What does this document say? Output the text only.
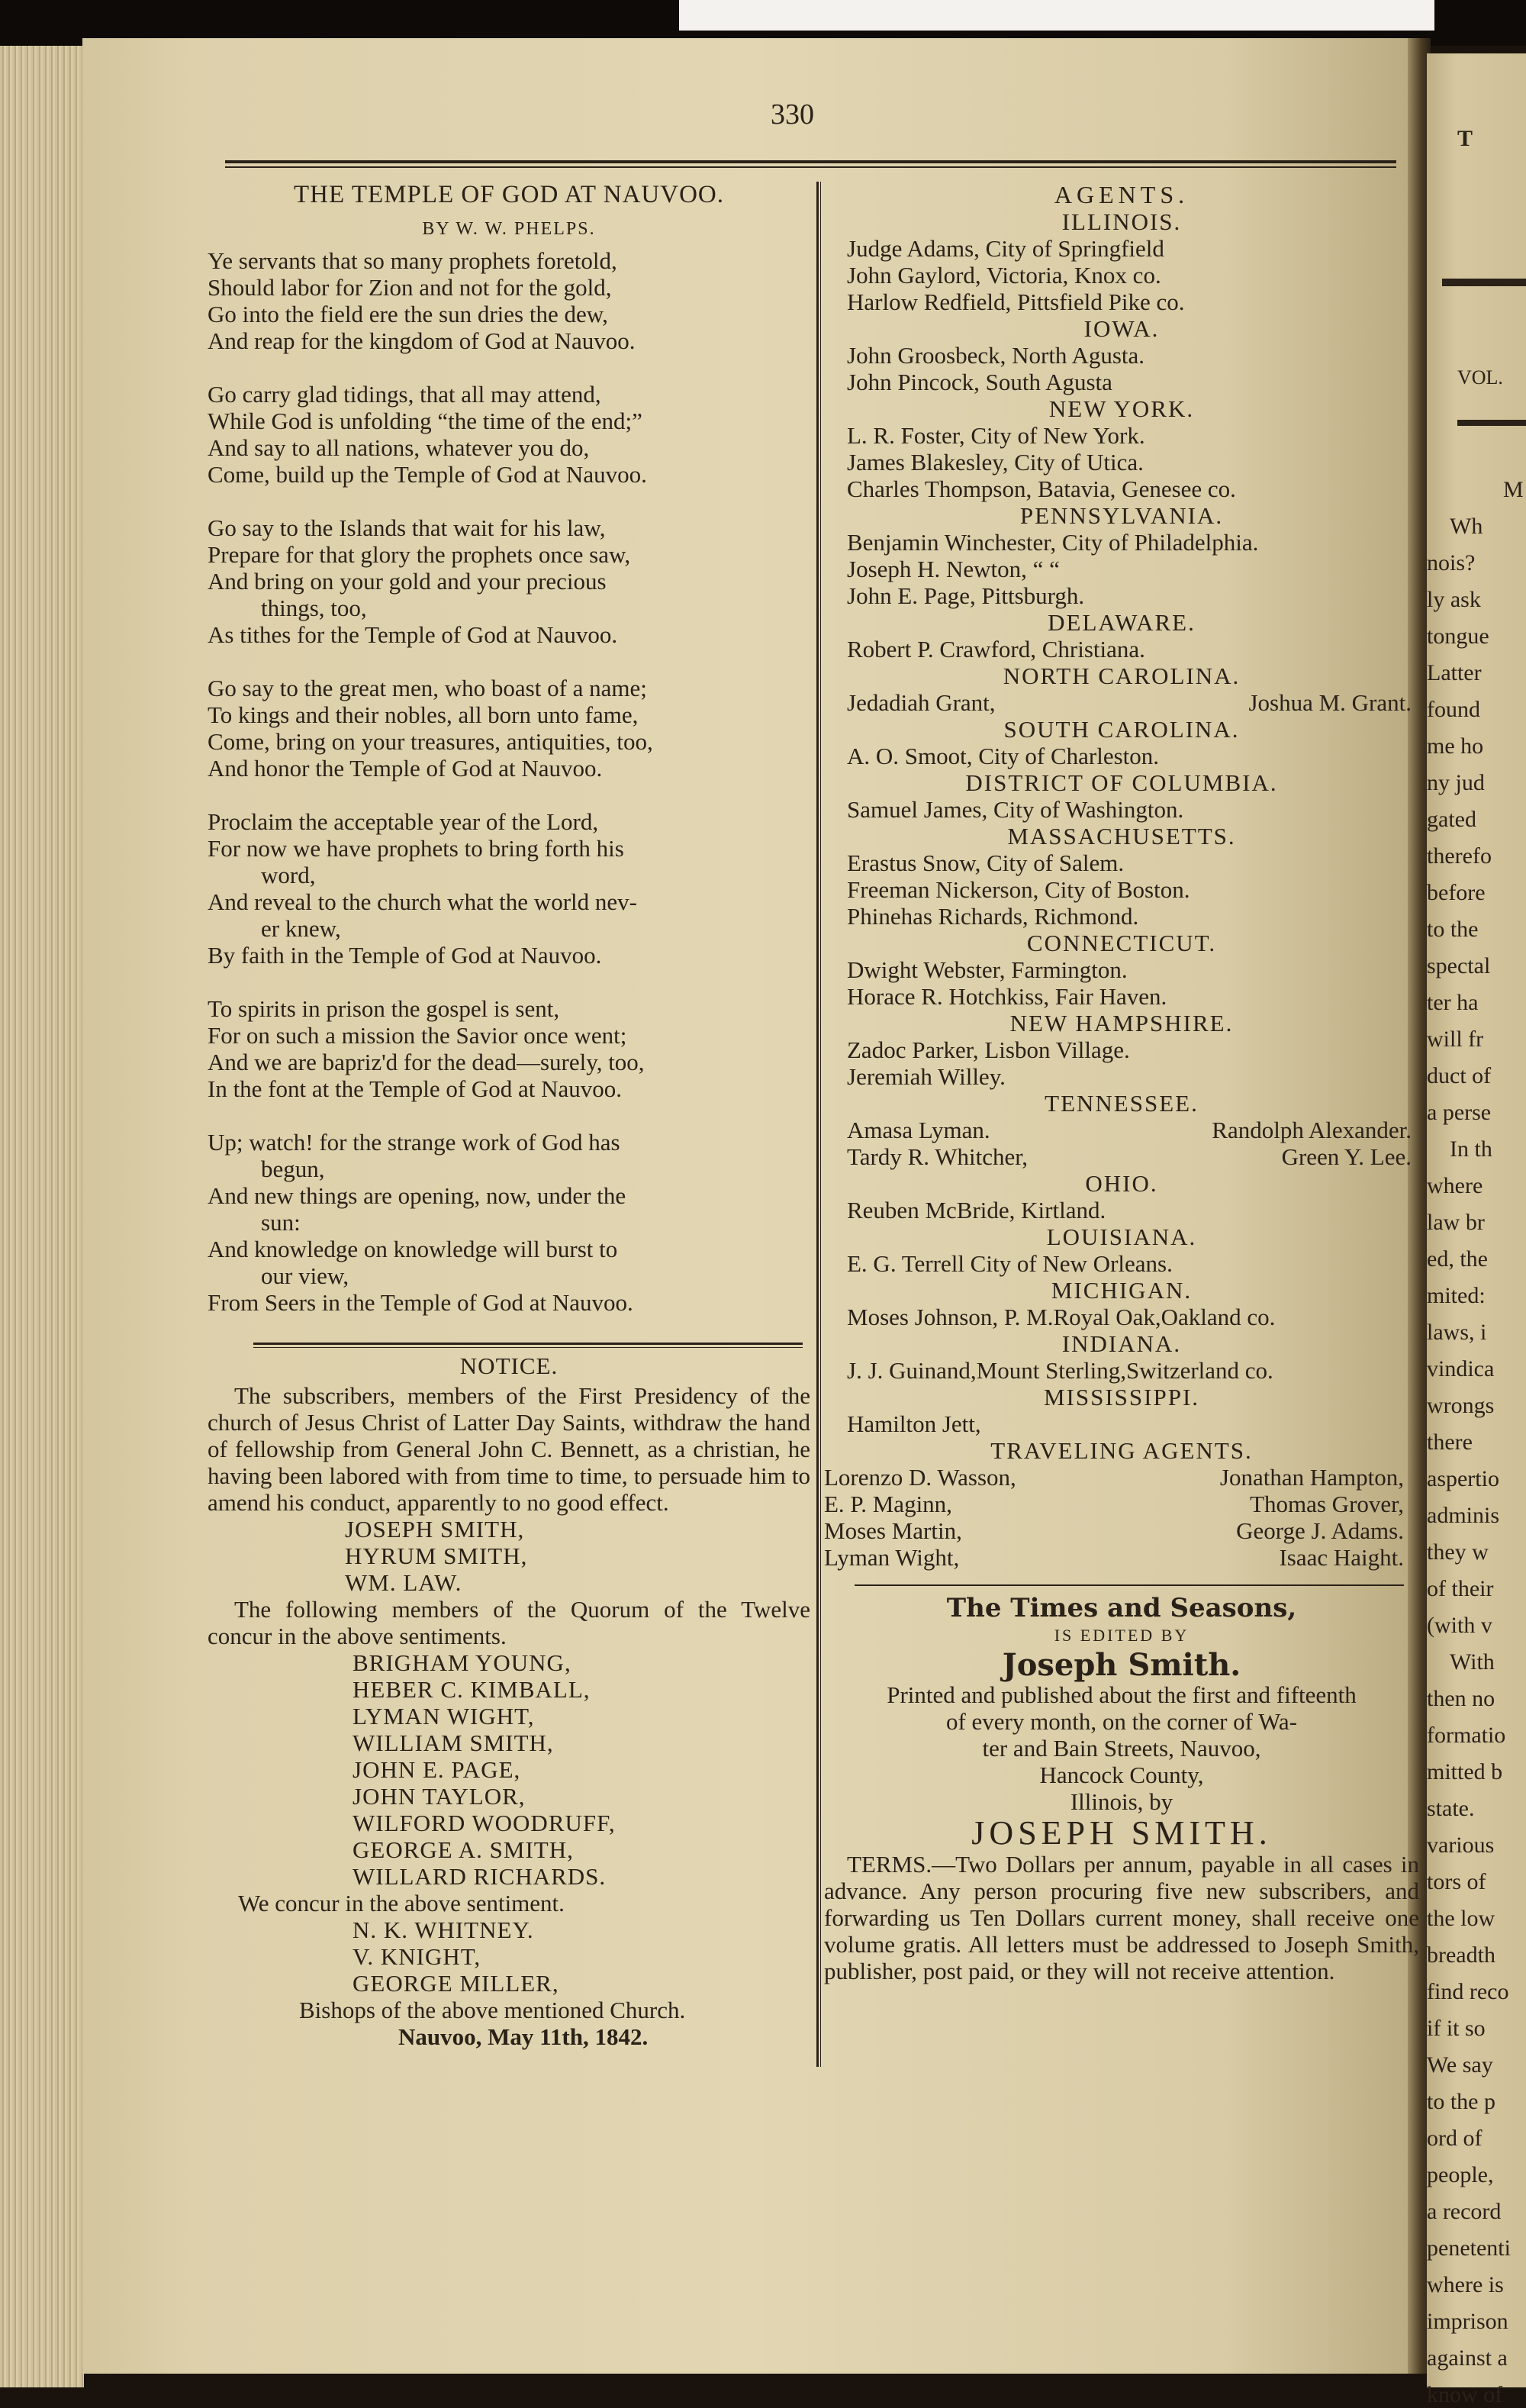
T
VOL.
M
Wh
nois?
ly ask
tongue
Latter
found
me ho
ny jud
gated
therefo
before
to the
spectal
ter ha
will fr
duct of
a perse
In th
where
law br
ed, the
mited:
laws, i
vindica
wrongs
there
aspertio
adminis
they w
of their
(with v
With
then no
formatio
mitted b
state.
various
tors of
the low
breadth
find reco
if it so
We say
to the p
ord of
people,
a record
penetenti
where is
imprison
against a
know of
330
THE TEMPLE OF GOD AT NAUVOO.
BY W. W. PHELPS.
Ye servants that so many prophets foretold,
Should labor for Zion and not for the gold,
Go into the field ere the sun dries the dew,
And reap for the kingdom of God at Nauvoo.
Go carry glad tidings, that all may attend,
While God is unfolding “the time of the end;”
And say to all nations, whatever you do,
Come, build up the Temple of God at Nauvoo.
Go say to the Islands that wait for his law,
Prepare for that glory the prophets once saw,
And bring on your gold and your precious
things, too,
As tithes for the Temple of God at Nauvoo.
Go say to the great men, who boast of a name;
To kings and their nobles, all born unto fame,
Come, bring on your treasures, antiquities, too,
And honor the Temple of God at Nauvoo.
Proclaim the acceptable year of the Lord,
For now we have prophets to bring forth his
word,
And reveal to the church what the world nev-
er knew,
By faith in the Temple of God at Nauvoo.
To spirits in prison the gospel is sent,
For on such a mission the Savior once went;
And we are bapriz'd for the dead—surely, too,
In the font at the Temple of God at Nauvoo.
Up; watch! for the strange work of God has
begun,
And new things are opening, now, under the
sun:
And knowledge on knowledge will burst to
our view,
From Seers in the Temple of God at Nauvoo.
NOTICE.
The subscribers, members of the First Presidency of the church of Jesus Christ of Latter Day Saints, withdraw the hand of fellowship from General John C. Bennett, as a christian, he having been labored with from time to time, to persuade him to amend his conduct, apparently to no good effect.
JOSEPH SMITH,
HYRUM SMITH,
WM. LAW.
The following members of the Quorum of the Twelve concur in the above sentiments.
BRIGHAM YOUNG,
HEBER C. KIMBALL,
LYMAN WIGHT,
WILLIAM SMITH,
JOHN E. PAGE,
JOHN TAYLOR,
WILFORD WOODRUFF,
GEORGE A. SMITH,
WILLARD RICHARDS.
We concur in the above sentiment.
N. K. WHITNEY.
V. KNIGHT,
GEORGE MILLER,
Bishops of the above mentioned Church.
Nauvoo, May 11th, 1842.
AGENTS.
ILLINOIS.
Judge Adams, City of Springfield
John Gaylord, Victoria, Knox co.
Harlow Redfield, Pittsfield Pike co.
IOWA.
John Groosbeck, North Agusta.
John Pincock, South Agusta
NEW YORK.
L. R. Foster, City of New York.
James Blakesley, City of Utica.
Charles Thompson, Batavia, Genesee co.
PENNSYLVANIA.
Benjamin Winchester, City of Philadelphia.
Joseph H. Newton, “ “
John E. Page, Pittsburgh.
DELAWARE.
Robert P. Crawford, Christiana.
NORTH CAROLINA.
Jedadiah Grant,	Joshua M. Grant.
SOUTH CAROLINA.
A. O. Smoot, City of Charleston.
DISTRICT OF COLUMBIA.
Samuel James, City of Washington.
MASSACHUSETTS.
Erastus Snow, City of Salem.
Freeman Nickerson, City of Boston.
Phinehas Richards, Richmond.
CONNECTICUT.
Dwight Webster, Farmington.
Horace R. Hotchkiss, Fair Haven.
NEW HAMPSHIRE.
Zadoc Parker, Lisbon Village.
Jeremiah Willey.
TENNESSEE.
Amasa Lyman.	Randolph Alexander.
Tardy R. Whitcher,	Green Y. Lee.
OHIO.
Reuben McBride, Kirtland.
LOUISIANA.
E. G. Terrell City of New Orleans.
MICHIGAN.
Moses Johnson, P. M.Royal Oak,Oakland co.
INDIANA.
J. J. Guinand,Mount Sterling,Switzerland co.
MISSISSIPPI.
Hamilton Jett,
TRAVELING AGENTS.
Lorenzo D. Wasson,	Jonathan Hampton,
E. P. Maginn,	Thomas Grover,
Moses Martin,	George J. Adams.
Lyman Wight,	Isaac Haight.
The Times and Seasons,
IS EDITED BY
Joseph Smith.
Printed and published about the first and fifteenth
of every month, on the corner of Wa-
ter and Bain Streets, Nauvoo,
Hancock County,
Illinois, by
JOSEPH SMITH.
TERMS.—Two Dollars per annum, payable in all cases in advance. Any person procuring five new subscribers, and forwarding us Ten Dollars current money, shall receive one volume gratis. All letters must be addressed to Joseph Smith, publisher, post paid, or they will not receive attention.
